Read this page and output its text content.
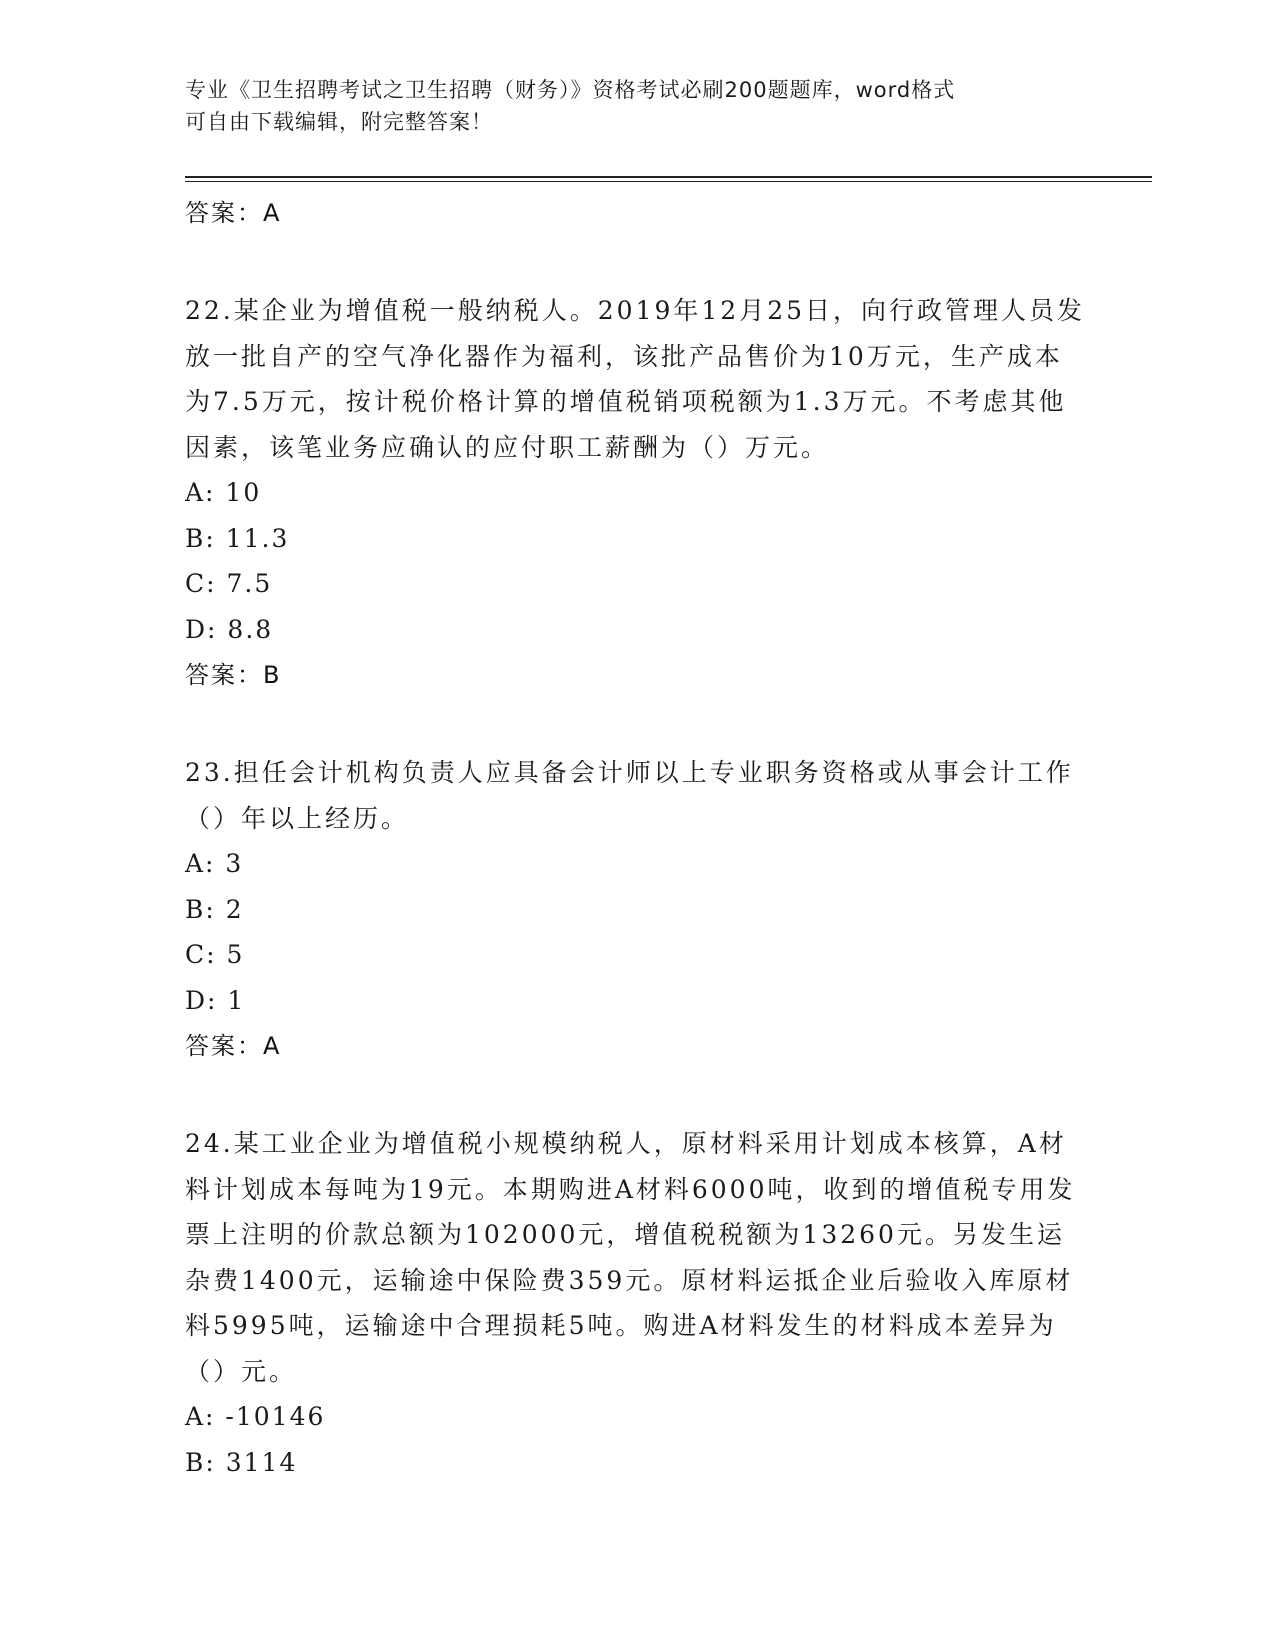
专业《卫生招聘考试之卫生招聘（财务）》资格考试必刷200题题库，word格式
可自由下载编辑，附完整答案！
答案：A
22.某企业为增值税一般纳税人。2019年12月25日，向行政管理人员发放一批自产的空气净化器作为福利，该批产品售价为10万元，生产成本为7.5万元，按计税价格计算的增值税销项税额为1.3万元。不考虑其他因素，该笔业务应确认的应付职工薪酬为（）万元。
A: 10
B: 11.3
C: 7.5
D: 8.8
答案：B
23.担任会计机构负责人应具备会计师以上专业职务资格或从事会计工作（）年以上经历。
A: 3
B: 2
C: 5
D: 1
答案：A
24.某工业企业为增值税小规模纳税人，原材料采用计划成本核算，A材料计划成本每吨为19元。本期购进A材料6000吨，收到的增值税专用发票上注明的价款总额为102000元，增值税税额为13260元。另发生运杂费1400元，运输途中保险费359元。原材料运抵企业后验收入库原材料5995吨，运输途中合理损耗5吨。购进A材料发生的材料成本差异为（）元。
A: -10146
B: 3114
